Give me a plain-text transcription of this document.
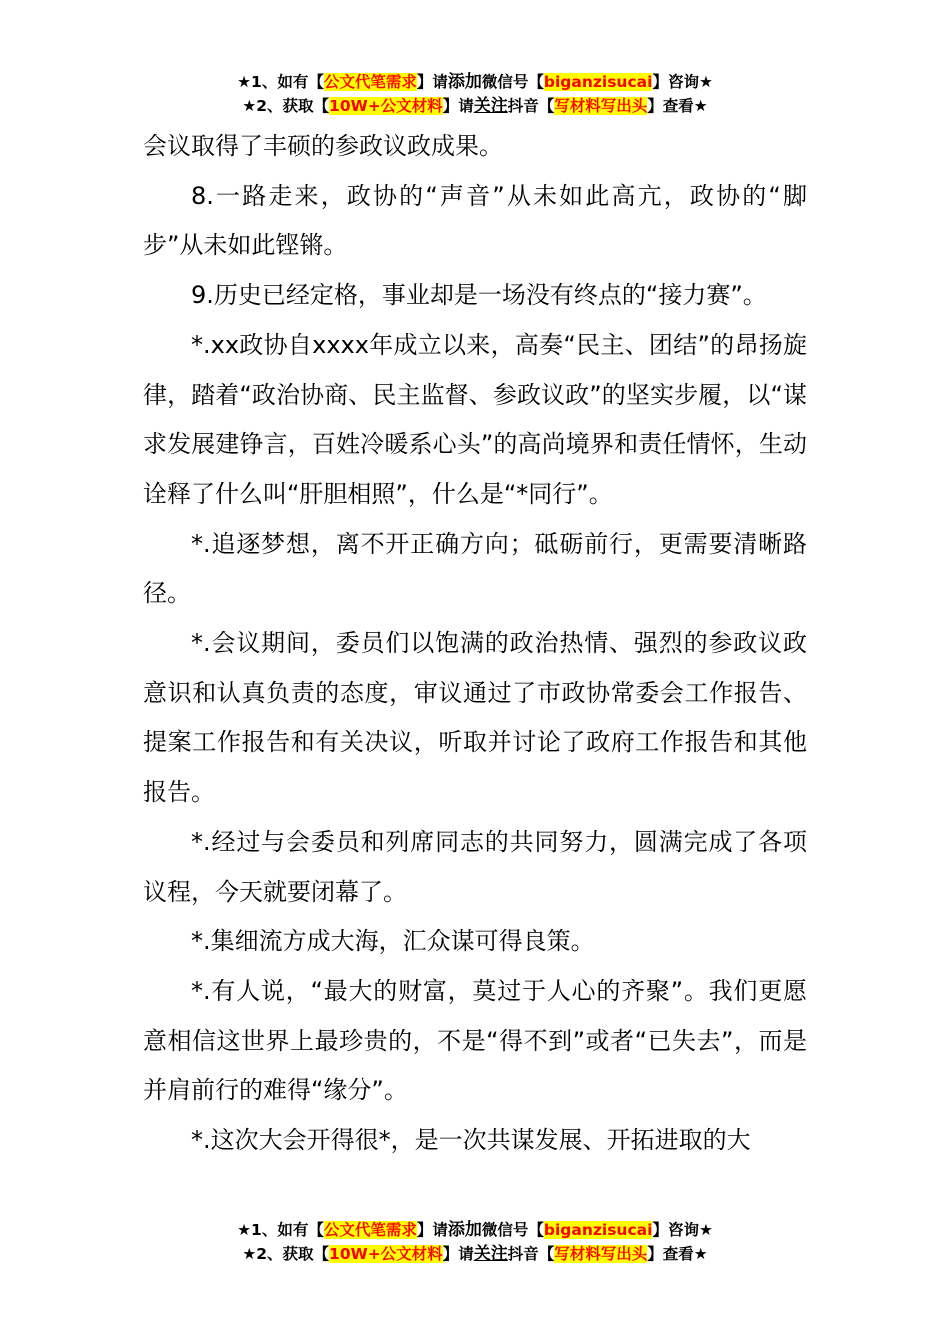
★1、如有【公文代笔需求】请添加微信号【biganzisucai】咨询★
★2、获取【10W+公文材料】请关注抖音【写材料写出头】查看★

会议取得了丰硕的参政议政成果。

8.一路走来，政协的“声音”从未如此高亢，政协的“脚步”从未如此铿锵。

9.历史已经定格，事业却是一场没有终点的“接力赛”。

*.xx政协自xxxx年成立以来，高奏“民主、团结”的昂扬旋律，踏着“政治协商、民主监督、参政议政”的坚实步履，以“谋求发展建铮言，百姓冷暖系心头”的高尚境界和责任情怀，生动诠释了什么叫“肝胆相照”，什么是“*同行”。

*.追逐梦想，离不开正确方向；砥砺前行，更需要清晰路径。

*.会议期间，委员们以饱满的政治热情、强烈的参政议政意识和认真负责的态度，审议通过了市政协常委会工作报告、提案工作报告和有关决议，听取并讨论了政府工作报告和其他报告。

*.经过与会委员和列席同志的共同努力，圆满完成了各项议程，今天就要闭幕了。

*.集细流方成大海，汇众谋可得良策。

*.有人说，“最大的财富，莫过于人心的齐聚”。我们更愿意相信这世界上最珍贵的，不是“得不到”或者“已失去”，而是并肩前行的难得“缘分”。

*.这次大会开得很*，是一次共谋发展、开拓进取的大

★1、如有【公文代笔需求】请添加微信号【biganzisucai】咨询★
★2、获取【10W+公文材料】请关注抖音【写材料写出头】查看★
